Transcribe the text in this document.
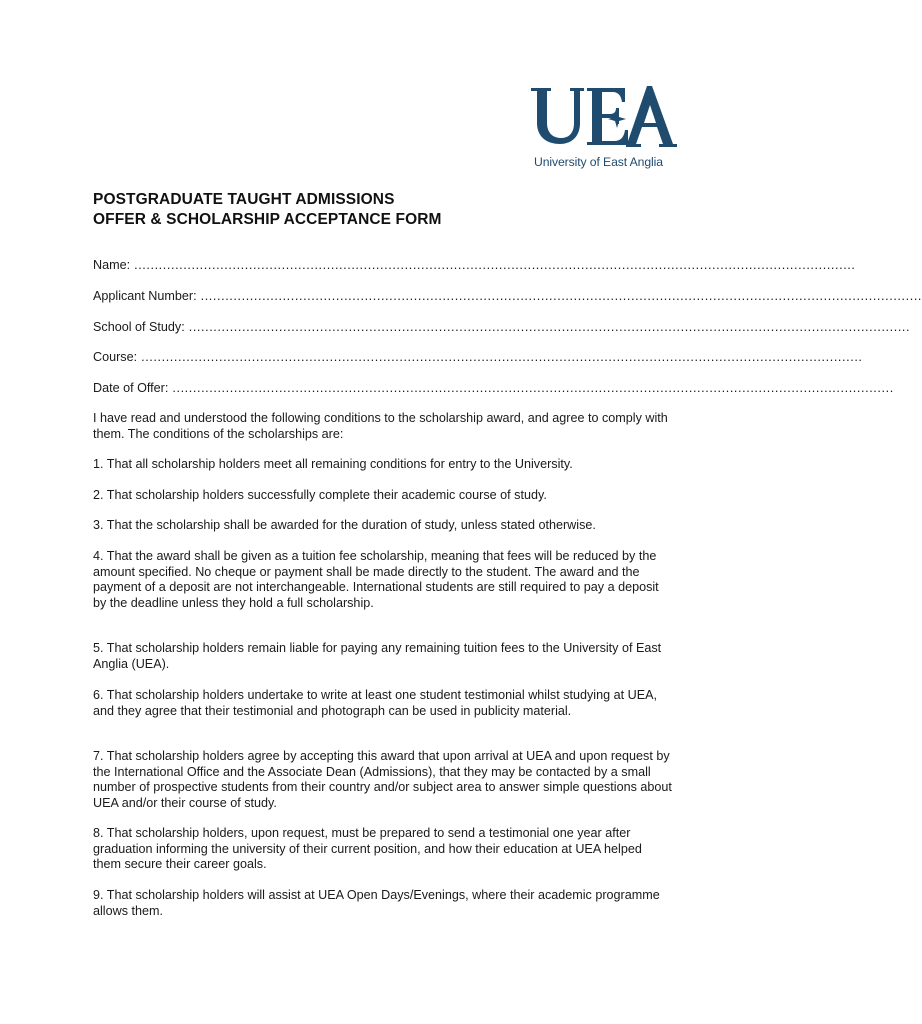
University of East Anglia
POSTGRADUATE TAUGHT ADMISSIONS
OFFER & SCHOLARSHIP ACCEPTANCE FORM
Name: ................................................................................................................................................................................
Applicant Number: ................................................................................................................................................................................
School of Study: ................................................................................................................................................................................
Course: ................................................................................................................................................................................
Date of Offer: ................................................................................................................................................................................
I have read and understood the following conditions to the scholarship award, and agree to comply with them. The conditions of the scholarships are:
1. That all scholarship holders meet all remaining conditions for entry to the University.
2. That scholarship holders successfully complete their academic course of study.
3. That the scholarship shall be awarded for the duration of study, unless stated otherwise.
4. That the award shall be given as a tuition fee scholarship, meaning that fees will be reduced by the amount specified. No cheque or payment shall be made directly to the student. The award and the payment of a deposit are not interchangeable. International students are still required to pay a deposit by the deadline unless they hold a full scholarship.
5. That scholarship holders remain liable for paying any remaining tuition fees to the University of East Anglia (UEA).
6. That scholarship holders undertake to write at least one student testimonial whilst studying at UEA, and they agree that their testimonial and photograph can be used in publicity material.
7. That scholarship holders agree by accepting this award that upon arrival at UEA and upon request by the International Office and the Associate Dean (Admissions), that they may be contacted by a small number of prospective students from their country and/or subject area to answer simple questions about UEA and/or their course of study.
8. That scholarship holders, upon request, must be prepared to send a testimonial one year after graduation informing the university of their current position, and how their education at UEA helped them secure their career goals.
9. That scholarship holders will assist at UEA Open Days/Evenings, where their academic programme allows them.
